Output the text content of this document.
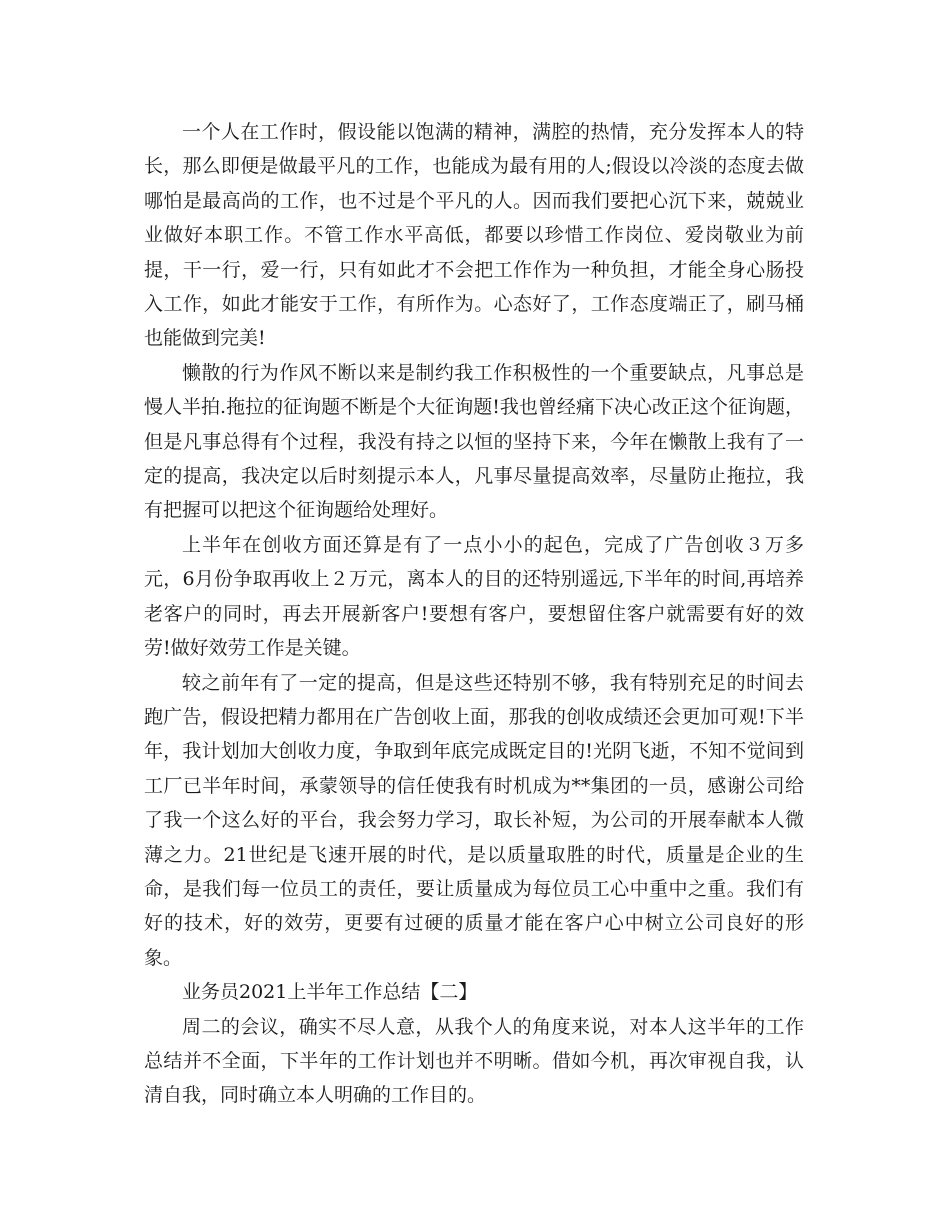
一个人在工作时，假设能以饱满的精神，满腔的热情，充分发挥本人的特长，那么即便是做最平凡的工作，也能成为最有用的人;假设以冷淡的态度去做哪怕是最高尚的工作，也不过是个平凡的人。因而我们要把心沉下来，兢兢业业做好本职工作。不管工作水平高低，都要以珍惜工作岗位、爱岗敬业为前提，干一行，爱一行，只有如此才不会把工作作为一种负担，才能全身心肠投入工作，如此才能安于工作，有所作为。心态好了，工作态度端正了，刷马桶也能做到完美!

懒散的行为作风不断以来是制约我工作积极性的一个重要缺点，凡事总是慢人半拍.拖拉的征询题不断是个大征询题!我也曾经痛下决心改正这个征询题，但是凡事总得有个过程，我没有持之以恒的坚持下来，今年在懒散上我有了一定的提高，我决定以后时刻提示本人，凡事尽量提高效率，尽量防止拖拉，我有把握可以把这个征询题给处理好。

上半年在创收方面还算是有了一点小小的起色，完成了广告创收３万多元，6月份争取再收上２万元，离本人的目的还特别遥远,下半年的时间,再培养老客户的同时，再去开展新客户!要想有客户，要想留住客户就需要有好的效劳!做好效劳工作是关键。

较之前年有了一定的提高，但是这些还特别不够，我有特别充足的时间去跑广告，假设把精力都用在广告创收上面，那我的创收成绩还会更加可观!下半年，我计划加大创收力度，争取到年底完成既定目的!光阴飞逝，不知不觉间到工厂已半年时间，承蒙领导的信任使我有时机成为**集团的一员，感谢公司给了我一个这么好的平台，我会努力学习，取长补短，为公司的开展奉献本人微薄之力。21世纪是飞速开展的时代，是以质量取胜的时代，质量是企业的生命，是我们每一位员工的责任，要让质量成为每位员工心中重中之重。我们有好的技术，好的效劳，更要有过硬的质量才能在客户心中树立公司良好的形象。

业务员2021上半年工作总结【二】

周二的会议，确实不尽人意，从我个人的角度来说，对本人这半年的工作总结并不全面，下半年的工作计划也并不明晰。借如今机，再次审视自我，认清自我，同时确立本人明确的工作目的。
